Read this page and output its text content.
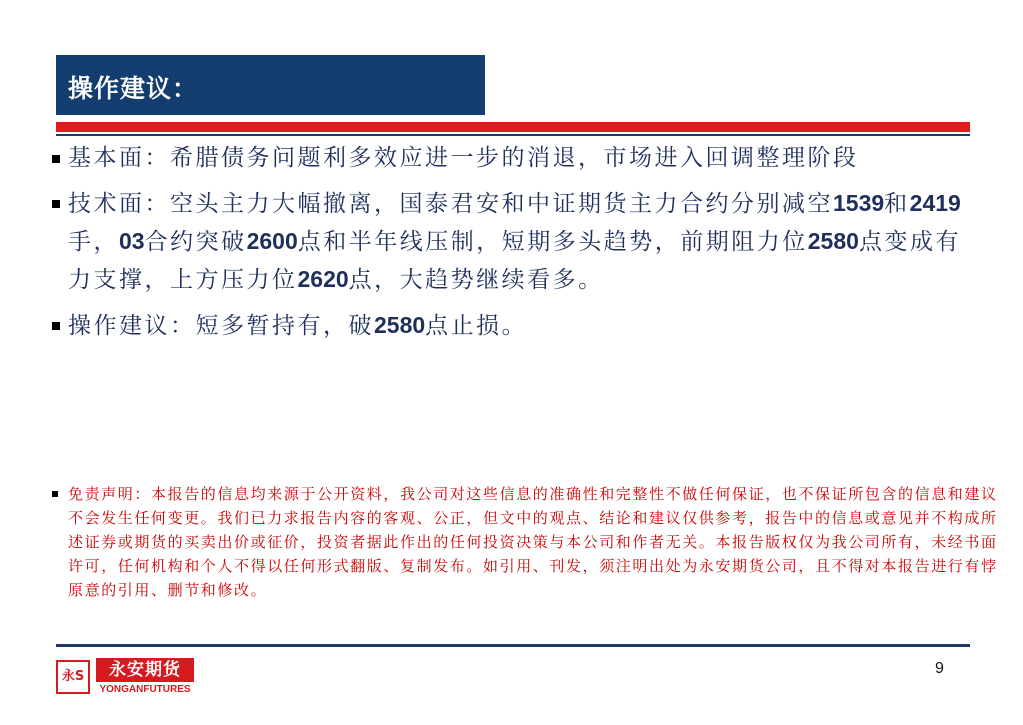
操作建议：
基本面：希腊债务问题利多效应进一步的消退，市场进入回调整理阶段
技术面：空头主力大幅撤离，国泰君安和中证期货主力合约分别减空1539和2419手，03合约突破2600点和半年线压制，短期多头趋势，前期阻力位2580点变成有力支撑，上方压力位2620点，大趋势继续看多。
操作建议：短多暂持有，破2580点止损。
免责声明：本报告的信息均来源于公开资料，我公司对这些信息的准确性和完整性不做任何保证，也不保证所包含的信息和建议 不会发生任何变更。我们已力求报告内容的客观、公正，但文中的观点、结论和建议仅供参考，报告中的信息或意见并不构成所述证券或期货的买卖出价或征价，投资者据此作出的任何投资决策与本公司和作者无关。本报告版权仅为我公司所有，未经书面许可，任何机构和个人不得以任何形式翻版、复制发布。如引用、刊发，须注明出处为永安期货公司，且不得对本报告进行有悖原意的引用、删节和修改。
永S	永安期货
YONGANFUTURES
9
